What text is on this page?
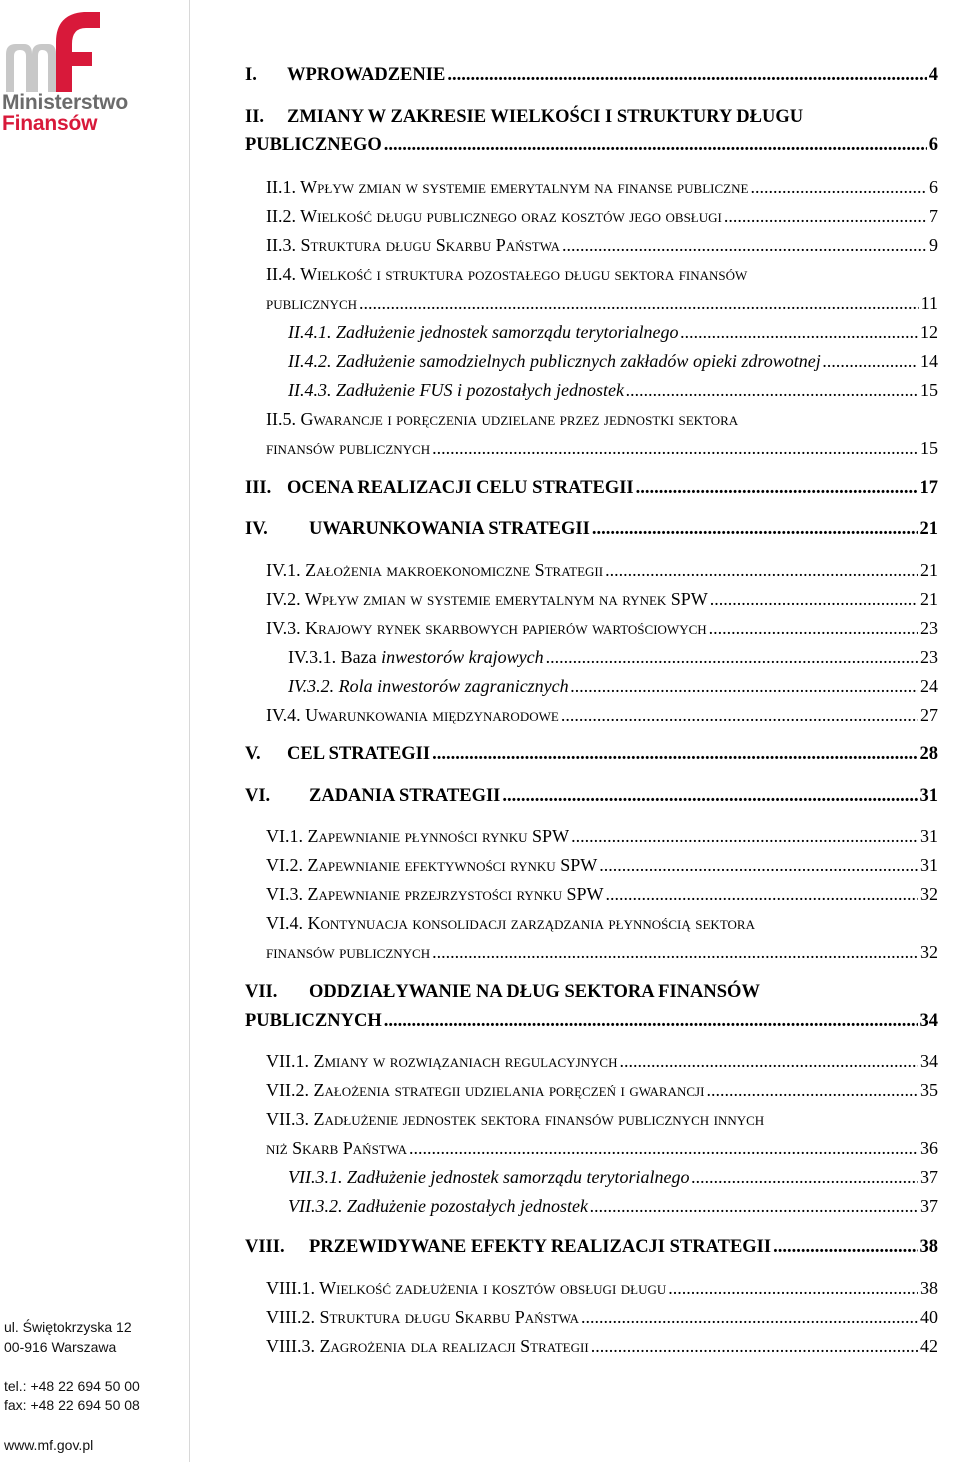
Ministerstwo
Finansów
ul. Świętokrzyska 12
00-916 Warszawa
tel.: +48 22 694 50 00
fax: +48 22 694 50 08
www.mf.gov.pl
I. WPROWADZENIE .....	4
II. ZMIANY W ZAKRESIE WIELKOŚCI I STRUKTURY DŁUGU
PUBLICZNEGO .....	6
II.1. Wpływ zmian w systemie emerytalnym na finanse publiczne .....	6
II.2. Wielkość długu publicznego oraz kosztów jego obsługi .....	7
II.3. Struktura długu Skarbu Państwa .....	9
II.4. Wielkość i struktura pozostałego długu sektora finansów
publicznych .....	11
II.4.1. Zadłużenie jednostek samorządu terytorialnego .....	12
II.4.2. Zadłużenie samodzielnych publicznych zakładów opieki zdrowotnej .....	14
II.4.3. Zadłużenie FUS i pozostałych jednostek .....	15
II.5. Gwarancje i poręczenia udzielane przez jednostki sektora
finansów publicznych .....	15
III. OCENA REALIZACJI CELU STRATEGII .....	17
IV. UWARUNKOWANIA STRATEGII .....	21
IV.1. Założenia makroekonomiczne Strategii .....	21
IV.2. Wpływ zmian w systemie emerytalnym na rynek SPW .....	21
IV.3. Krajowy rynek skarbowych papierów wartościowych .....	23
IV.3.1. Baza inwestorów krajowych .....	23
IV.3.2. Rola inwestorów zagranicznych .....	24
IV.4. Uwarunkowania międzynarodowe .....	27
V. CEL STRATEGII .....	28
VI. ZADANIA STRATEGII .....	31
VI.1. Zapewnianie płynności rynku SPW .....	31
VI.2. Zapewnianie efektywności rynku SPW .....	31
VI.3. Zapewnianie przejrzystości rynku SPW .....	32
VI.4. Kontynuacja konsolidacji zarządzania płynnością sektora
finansów publicznych .....	32
VII. ODDZIAŁYWANIE NA DŁUG SEKTORA FINANSÓW
PUBLICZNYCH .....	34
VII.1. Zmiany w rozwiązaniach regulacyjnych .....	34
VII.2. Założenia strategii udzielania poręczeń i gwarancji .....	35
VII.3. Zadłużenie jednostek sektora finansów publicznych innych
niż Skarb Państwa .....	36
VII.3.1. Zadłużenie jednostek samorządu terytorialnego .....	37
VII.3.2. Zadłużenie pozostałych jednostek .....	37
VIII. PRZEWIDYWANE EFEKTY REALIZACJI STRATEGII .....	38
VIII.1. Wielkość zadłużenia i kosztów obsługi długu .....	38
VIII.2. Struktura długu Skarbu Państwa .....	40
VIII.3. Zagrożenia dla realizacji Strategii .....	42
